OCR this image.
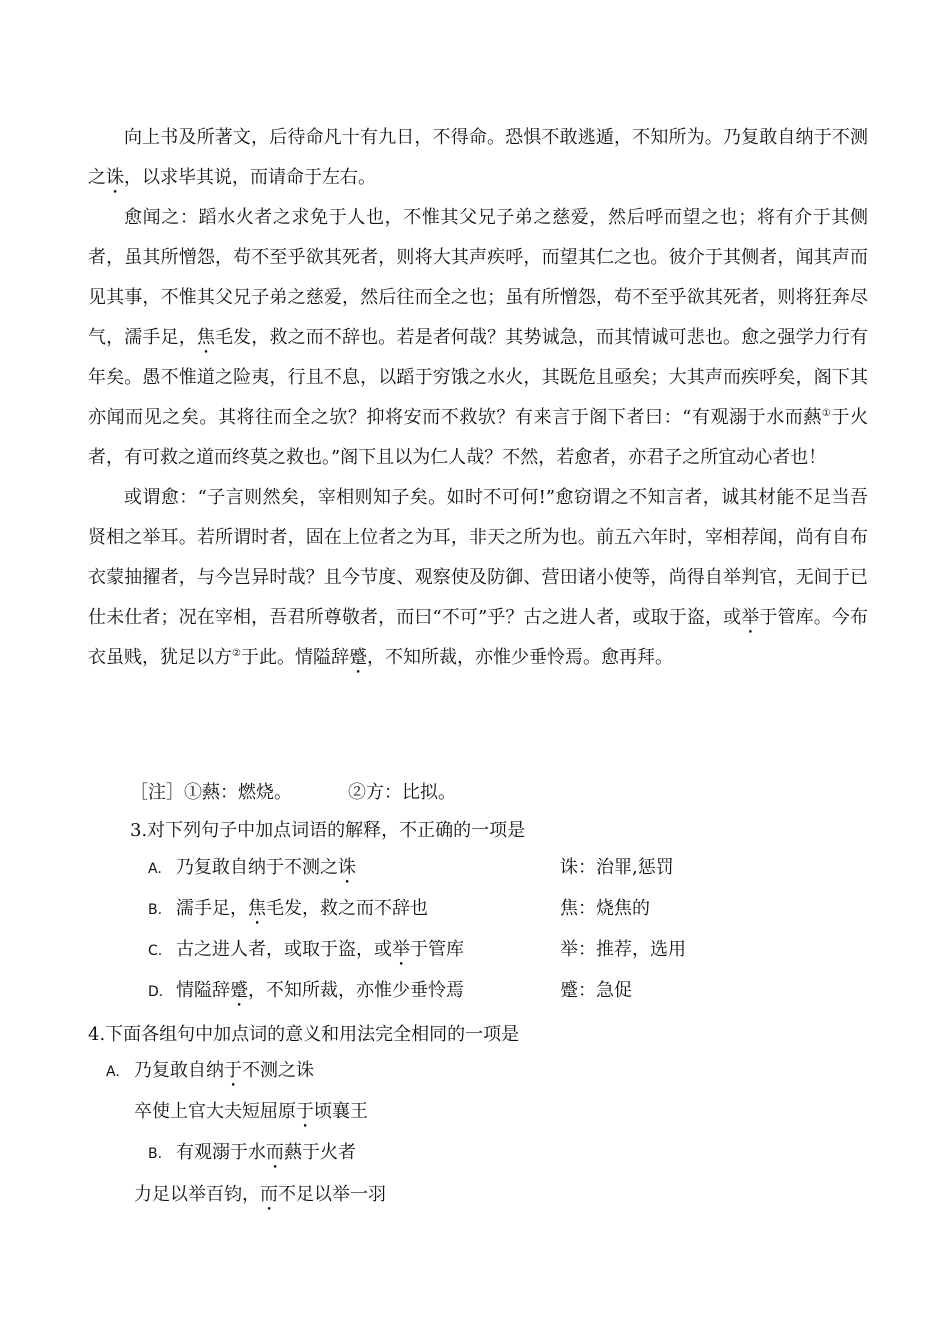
向上书及所著文，后待命凡十有九日，不得命。恐惧不敢逃遁，不知所为。乃复敢自纳于不测之诛，以求毕其说，而请命于左右。

愈闻之：蹈水火者之求免于人也，不惟其父兄子弟之慈爱，然后呼而望之也；将有介于其侧者，虽其所憎怨，苟不至乎欲其死者，则将大其声疾呼，而望其仁之也。彼介于其侧者，闻其声而见其事，不惟其父兄子弟之慈爱，然后往而全之也；虽有所憎怨，苟不至乎欲其死者，则将狂奔尽气，濡手足，焦毛发，救之而不辞也。若是者何哉？其势诚急，而其情诚可悲也。愈之强学力行有年矣。愚不惟道之险夷，行且不息，以蹈于穷饿之水火，其既危且亟矣；大其声而疾呼矣，阁下其亦闻而见之矣。其将往而全之欤？抑将安而不救欤？有来言于阁下者曰：“有观溺于水而爇①于火者，有可救之道而终莫之救也。”阁下且以为仁人哉？不然，若愈者，亦君子之所宜动心者也！

或谓愈：“子言则然矣，宰相则知子矣。如时不可何!”愈窃谓之不知言者，诚其材能不足当吾贤相之举耳。若所谓时者，固在上位者之为耳，非天之所为也。前五六年时，宰相荐闻，尚有自布衣蒙抽擢者，与今岂异时哉？且今节度、观察使及防御、营田诸小使等，尚得自举判官，无间于已仕未仕者；况在宰相，吾君所尊敬者，而曰“不可”乎？古之进人者，或取于盗，或举于管库。今布衣虽贱，犹足以方②于此。情隘辞蹙，不知所裁，亦惟少垂怜焉。愈再拜。

［注］①爇：燃烧。	②方：比拟。
3.对下列句子中加点词语的解释，不正确的一项是
A. 乃复敢自纳于不测之诛	诛：治罪,惩罚
B. 濡手足，焦毛发，救之而不辞也	焦：烧焦的
C. 古之进人者，或取于盗，或举于管库	举：推荐，选用
D. 情隘辞蹙，不知所裁，亦惟少垂怜焉	蹙：急促
4.下面各组句中加点词的意义和用法完全相同的一项是
A. 乃复敢自纳于不测之诛
卒使上官大夫短屈原于顷襄王
B. 有观溺于水而爇于火者
力足以举百钧，而不足以举一羽
